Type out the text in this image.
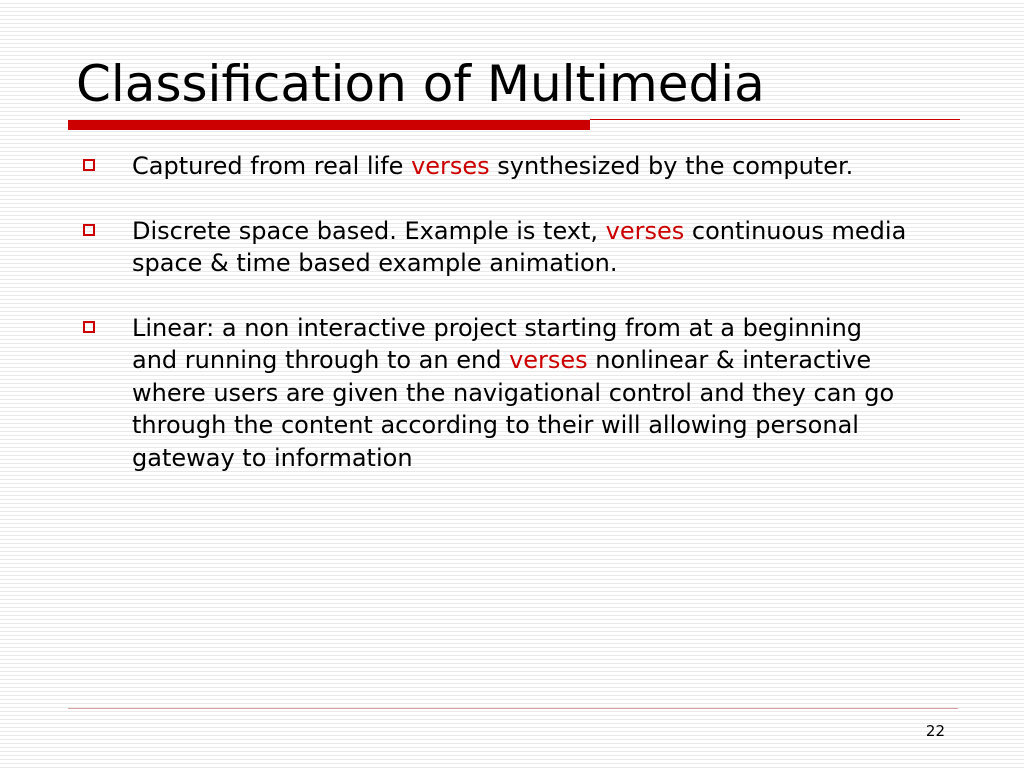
Classification of Multimedia
Captured from real life verses synthesized by the computer.
Discrete space based. Example is text, verses continuous media space & time based example animation.
Linear: a non interactive project starting from at a beginning and running through to an end verses nonlinear & interactive where users are given the navigational control and they can go through the content according to their will allowing personal gateway to information
22
